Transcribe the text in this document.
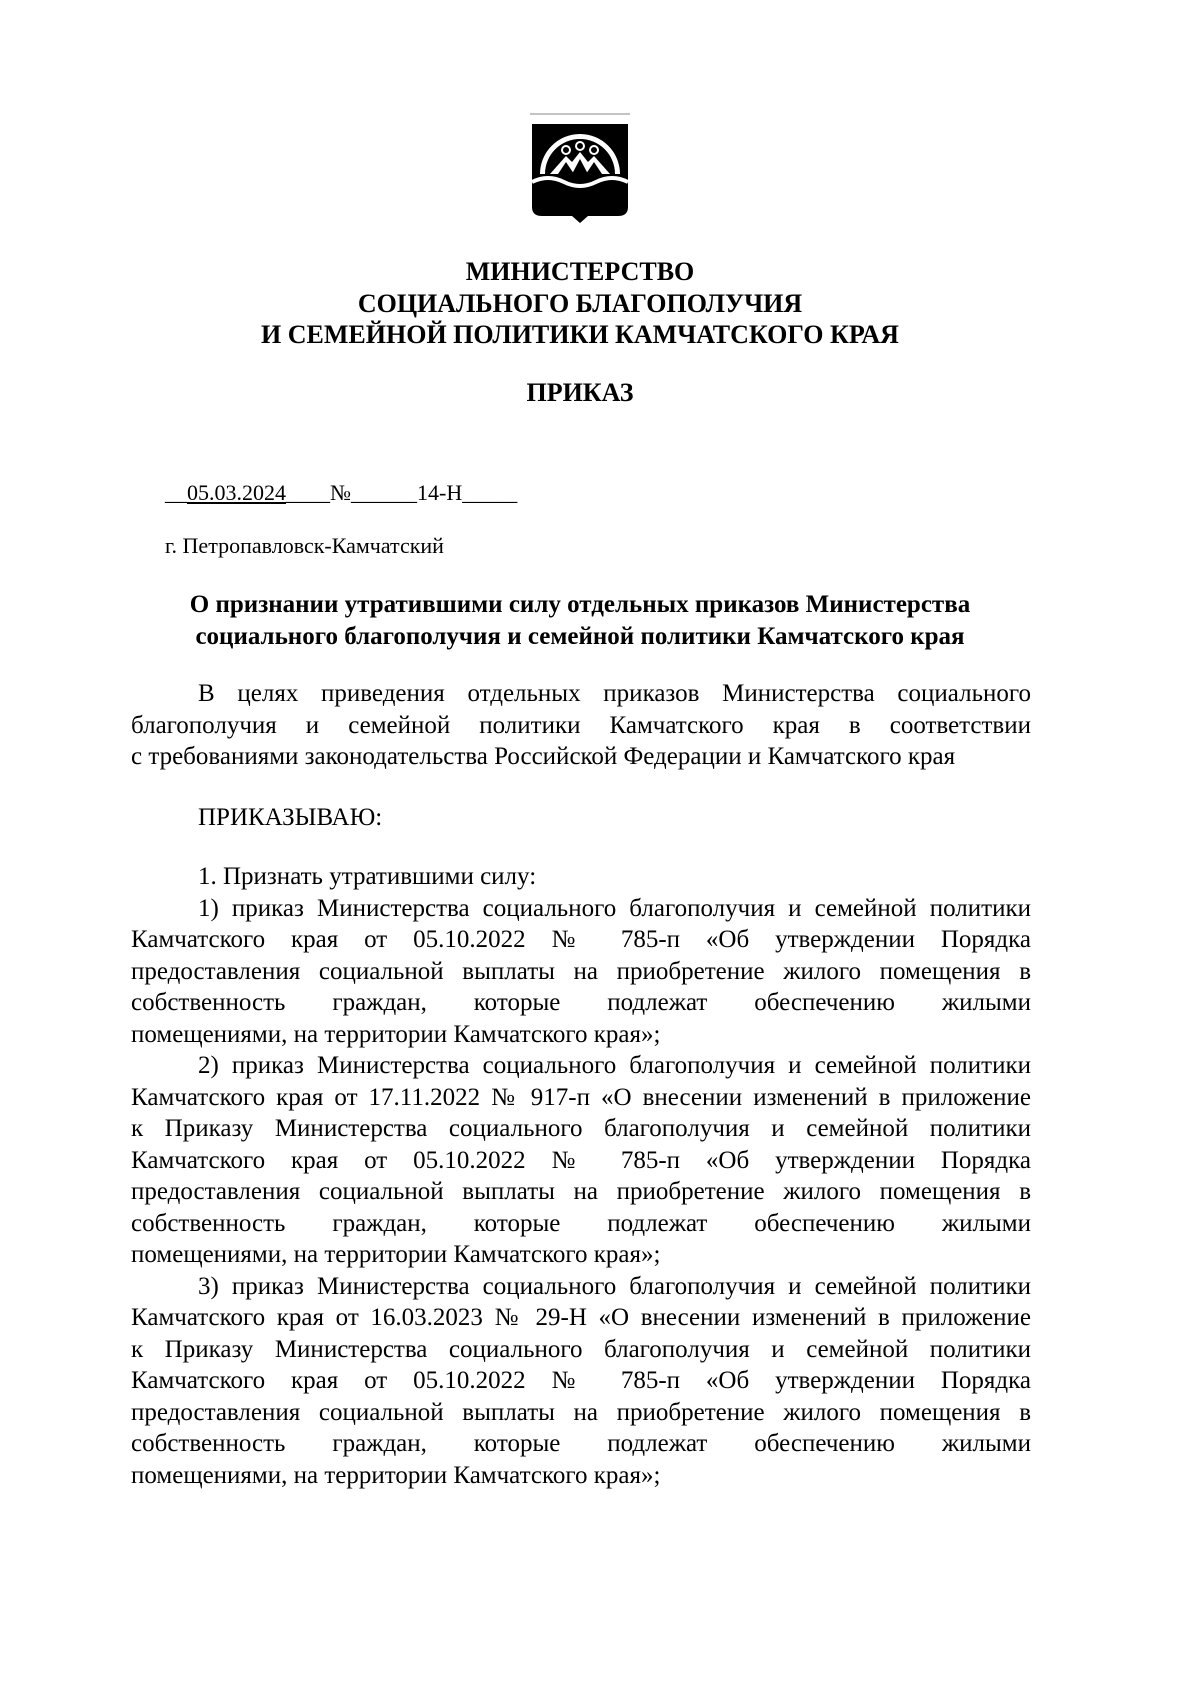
МИНИСТЕРСТВО
СОЦИАЛЬНОГО БЛАГОПОЛУЧИЯ
И СЕМЕЙНОЙ ПОЛИТИКИ КАМЧАТСКОГО КРАЯ
ПРИКАЗ
__05.03.2024____№______14-Н_____
г. Петропавловск-Камчатский
О признании утратившими силу отдельных приказов Министерства
социального благополучия и семейной политики Камчатского края
В целях приведения отдельных приказов Министерства социального
благополучия и семейной политики Камчатского края в соответствии
с требованиями законодательства Российской Федерации и Камчатского края
ПРИКАЗЫВАЮ:
1. Признать утратившими силу:
1) приказ Министерства социального благополучия и семейной политики
Камчатского края от 05.10.2022 № 785-п «Об утверждении Порядка
предоставления социальной выплаты на приобретение жилого помещения в
собственность граждан, которые подлежат обеспечению жилыми
помещениями, на территории Камчатского края»;
2) приказ Министерства социального благополучия и семейной политики
Камчатского края от 17.11.2022 № 917-п «О внесении изменений в приложение
к Приказу Министерства социального благополучия и семейной политики
Камчатского края от 05.10.2022 № 785-п «Об утверждении Порядка
предоставления социальной выплаты на приобретение жилого помещения в
собственность граждан, которые подлежат обеспечению жилыми
помещениями, на территории Камчатского края»;
3) приказ Министерства социального благополучия и семейной политики
Камчатского края от 16.03.2023 № 29-Н «О внесении изменений в приложение
к Приказу Министерства социального благополучия и семейной политики
Камчатского края от 05.10.2022 № 785-п «Об утверждении Порядка
предоставления социальной выплаты на приобретение жилого помещения в
собственность граждан, которые подлежат обеспечению жилыми
помещениями, на территории Камчатского края»;
